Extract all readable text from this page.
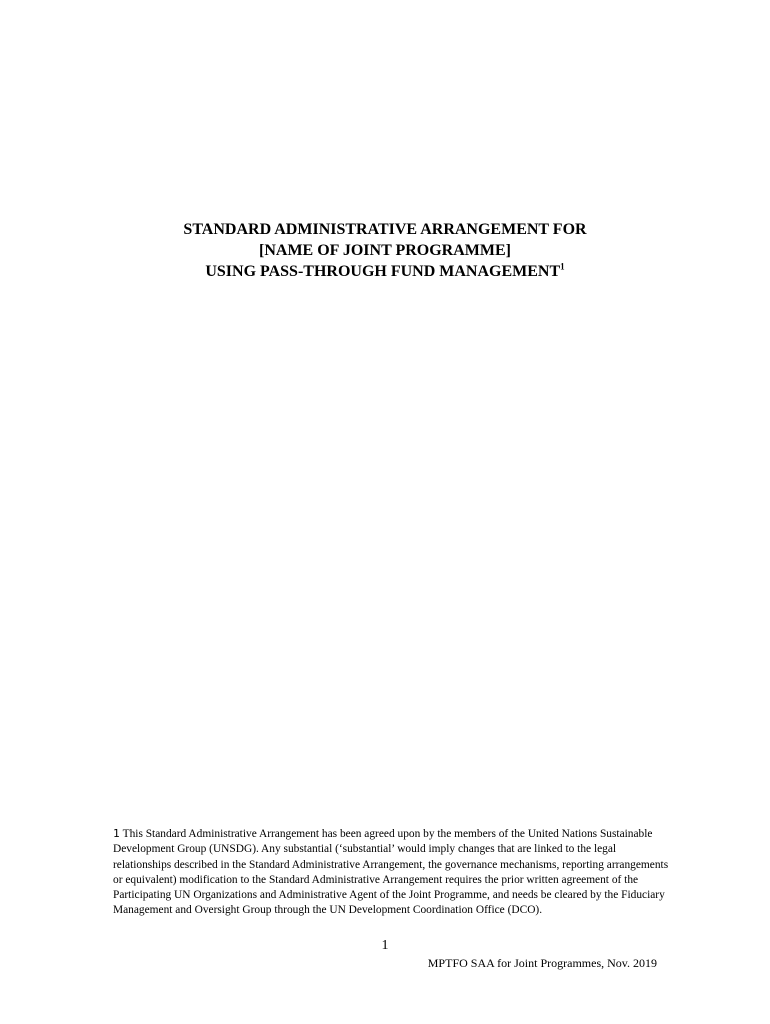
STANDARD ADMINISTRATIVE ARRANGEMENT FOR
[NAME OF JOINT PROGRAMME]
USING PASS-THROUGH FUND MANAGEMENT$^1$
1 This Standard Administrative Arrangement has been agreed upon by the members of the United Nations Sustainable Development Group (UNSDG). Any substantial (‘substantial’ would imply changes that are linked to the legal relationships described in the Standard Administrative Arrangement, the governance mechanisms, reporting arrangements or equivalent) modification to the Standard Administrative Arrangement requires the prior written agreement of the Participating UN Organizations and Administrative Agent of the Joint Programme, and needs be cleared by the Fiduciary Management and Oversight Group through the UN Development Coordination Office (DCO).
1
MPTFO SAA for Joint Programmes, Nov. 2019
